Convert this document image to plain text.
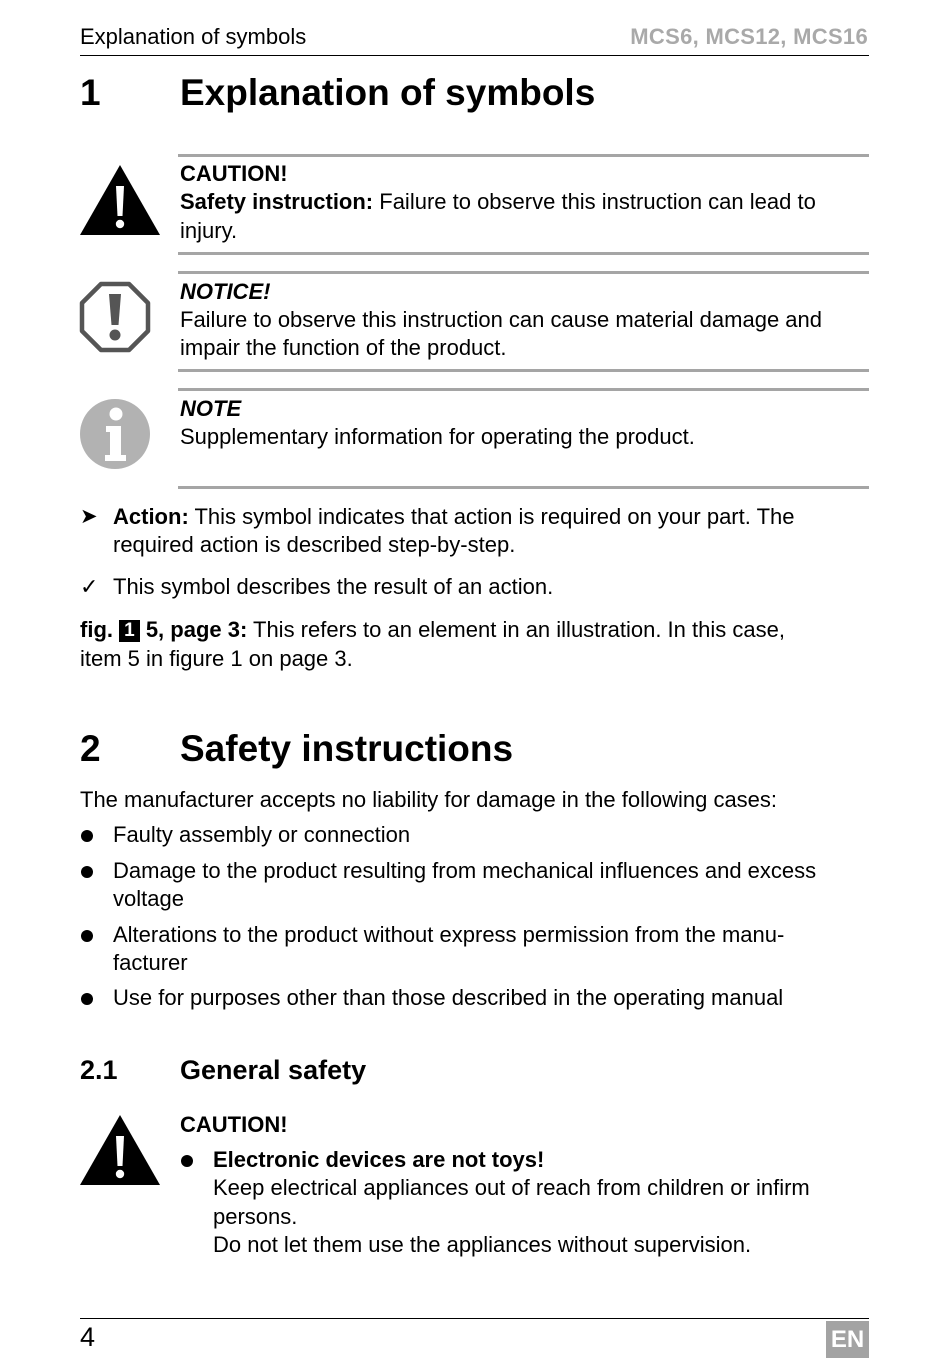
Explanation of symbols	MCS6, MCS12, MCS16
1 Explanation of symbols
CAUTION!
Safety instruction: Failure to observe this instruction can lead to
injury.
NOTICE!
Failure to observe this instruction can cause material damage and
impair the function of the product.
NOTE
Supplementary information for operating the product.
➤ Action: This symbol indicates that action is required on your part. The
required action is described step-by-step.
✓ This symbol describes the result of an action.
fig. 1 5, page 3: This refers to an element in an illustration. In this case,
item 5 in figure 1 on page 3.
2 Safety instructions
The manufacturer accepts no liability for damage in the following cases:
Faulty assembly or connection
Damage to the product resulting from mechanical influences and excess
voltage
Alterations to the product without express permission from the manu-
facturer
Use for purposes other than those described in the operating manual
2.1 General safety
CAUTION!
Electronic devices are not toys!
Keep electrical appliances out of reach from children or infirm
persons.
Do not let them use the appliances without supervision.
4	EN
